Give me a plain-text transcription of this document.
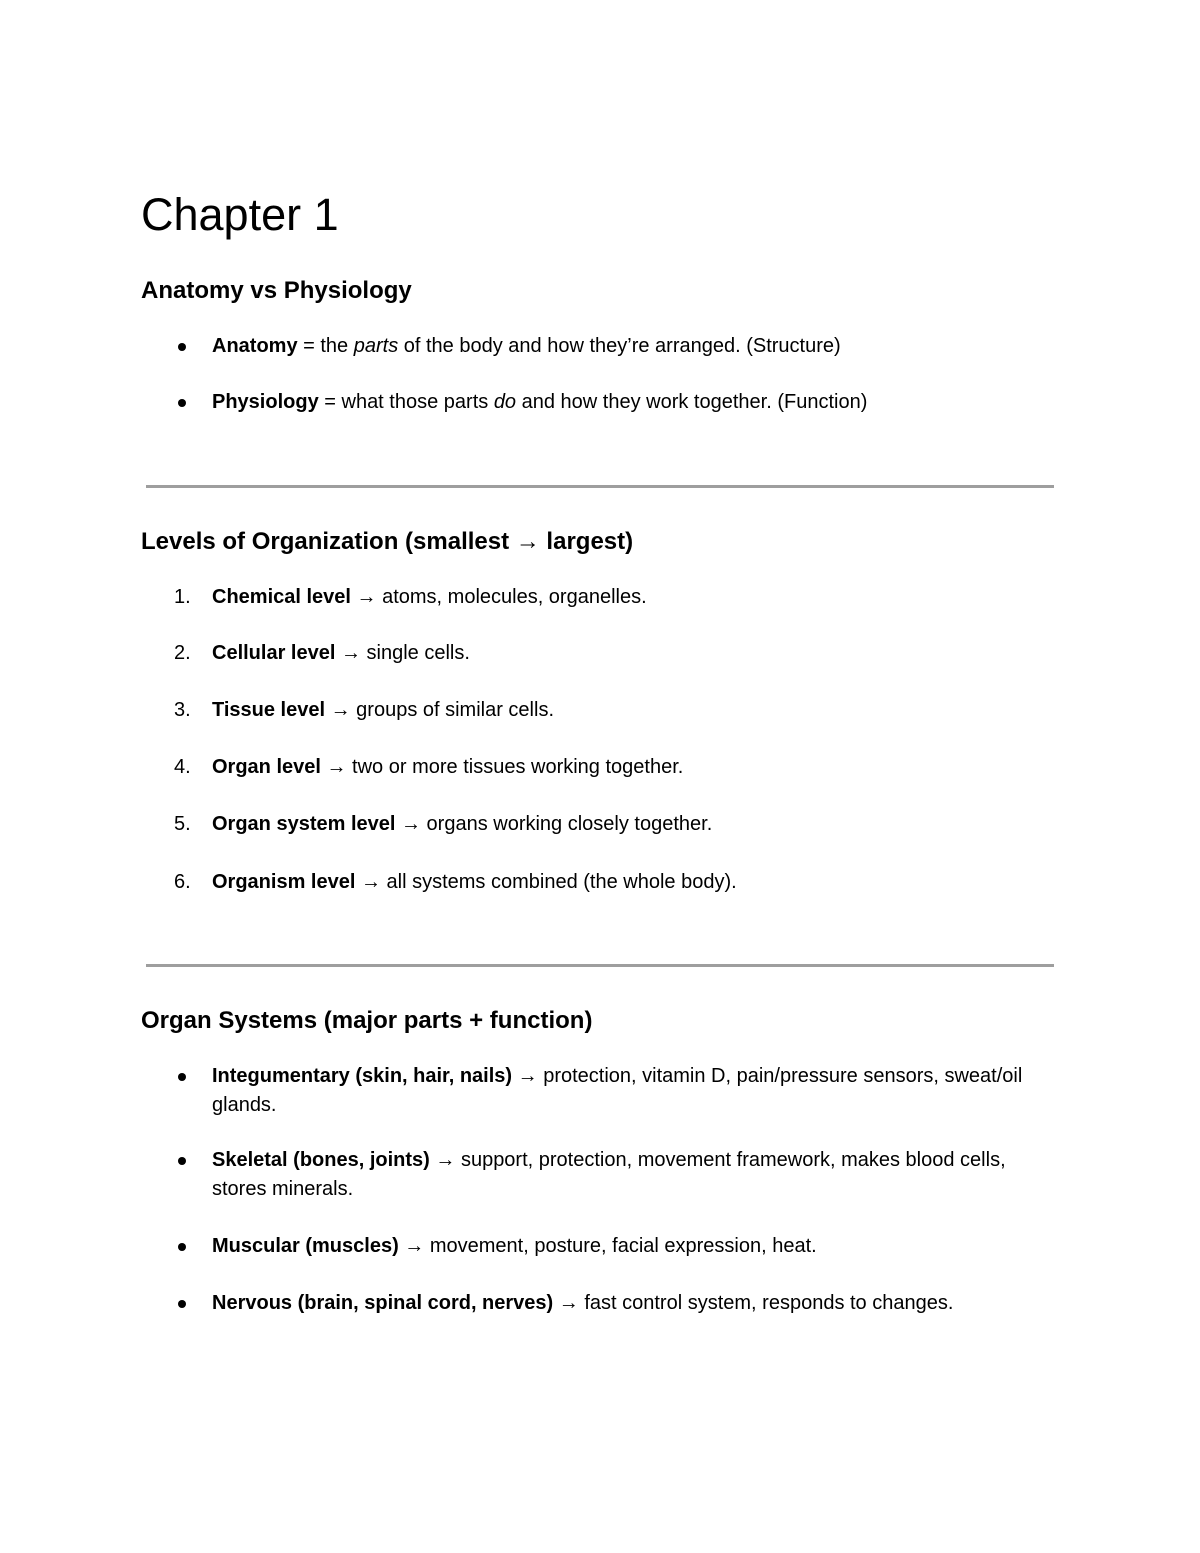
Chapter 1
Anatomy vs Physiology
Anatomy = the parts of the body and how they’re arranged. (Structure)
Physiology = what those parts do and how they work together. (Function)
Levels of Organization (smallest → largest)
1. Chemical level → atoms, molecules, organelles.
2. Cellular level → single cells.
3. Tissue level → groups of similar cells.
4. Organ level → two or more tissues working together.
5. Organ system level → organs working closely together.
6. Organism level → all systems combined (the whole body).
Organ Systems (major parts + function)
Integumentary (skin, hair, nails) → protection, vitamin D, pain/pressure sensors, sweat/oil glands.
Skeletal (bones, joints) → support, protection, movement framework, makes blood cells, stores minerals.
Muscular (muscles) → movement, posture, facial expression, heat.
Nervous (brain, spinal cord, nerves) → fast control system, responds to changes.
